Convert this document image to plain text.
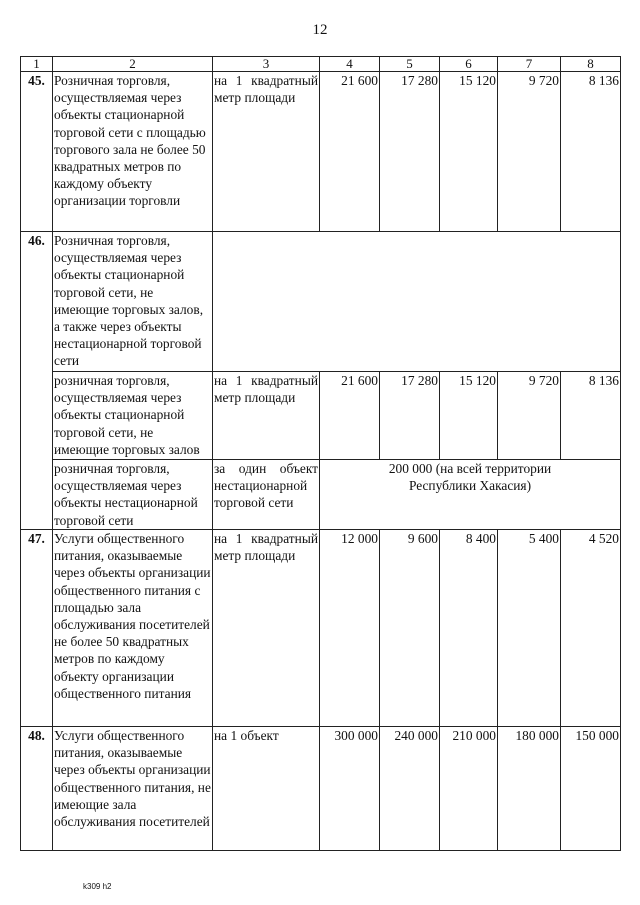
12
1	2	3	4	5	6	7	8
45.	Розничная торговля, осуществляемая через объекты стационарной торговой сети с площадью торгового зала не более 50 квадратных метров по каждому объекту организации торговли	на 1 квадратный метр площади	21 600	17 280	15 120	9 720	8 136
46.	Розничная торговля, осуществляемая через объекты стационарной торговой сети, не имеющие торговых залов, а также через объекты нестационарной торговой сети						
	розничная торговля, осуществляемая через объекты стационарной торговой сети, не имеющие торговых залов	на 1 квадратный метр площади	21 600	17 280	15 120	9 720	8 136
	розничная торговля, осуществляемая через объекты нестационарной торговой сети	за один объект нестационарной торговой сети	200 000 (на всей территории Республики Хакасия)				
47.	Услуги общественного питания, оказываемые через объекты организации общественного питания с площадью зала обслуживания посетителей не более 50 квадратных метров по каждому объекту организации общественного питания	на 1 квадратный метр площади	12 000	9 600	8 400	5 400	4 520
48.	Услуги общественного питания, оказываемые через объекты организации общественного питания, не имеющие зала обслуживания посетителей	на 1 объект	300 000	240 000	210 000	180 000	150 000
k309 h2
